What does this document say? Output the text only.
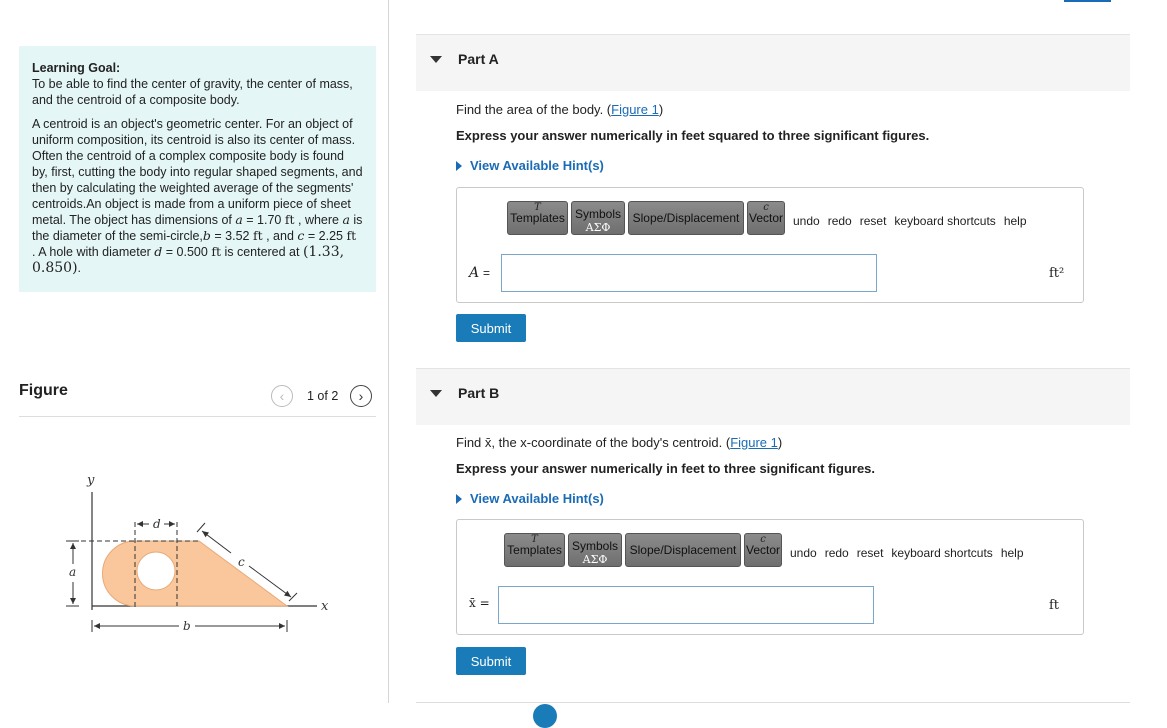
Learning Goal:
To be able to find the center of gravity, the center of mass, and the centroid of a composite body.

A centroid is an object's geometric center. For an object of uniform composition, its centroid is also its center of mass. Often the centroid of a complex composite body is found by, first, cutting the body into regular shaped segments, and then by calculating the weighted average of the segments' centroids.An object is made from a uniform piece of sheet metal. The object has dimensions of a = 1.70 ft , where a is the diameter of the semi-circle,b = 3.52 ft , and c = 2.25 ft . A hole with diameter d = 0.500 ft is centered at (1.33, 0.850).

Figure	‹ 1 of 2 ›
y
x
a
b
c
d
Part A
Find the area of the body. (Figure 1)
Express your answer numerically in feet squared to three significant figures.
View Available Hint(s)
𝑇
Templates Symbols
ΑΣΦ
Slope/Displacement
c
Vector undo redo reset keyboard shortcuts help
A =	ft²
Submit
Part B
Find x̄, the x-coordinate of the body's centroid. (Figure 1)
Express your answer numerically in feet to three significant figures.
View Available Hint(s)
𝑇
Templates Symbols
ΑΣΦ
Slope/Displacement
c
Vector undo redo reset keyboard shortcuts help
x̄ =	ft
Submit
